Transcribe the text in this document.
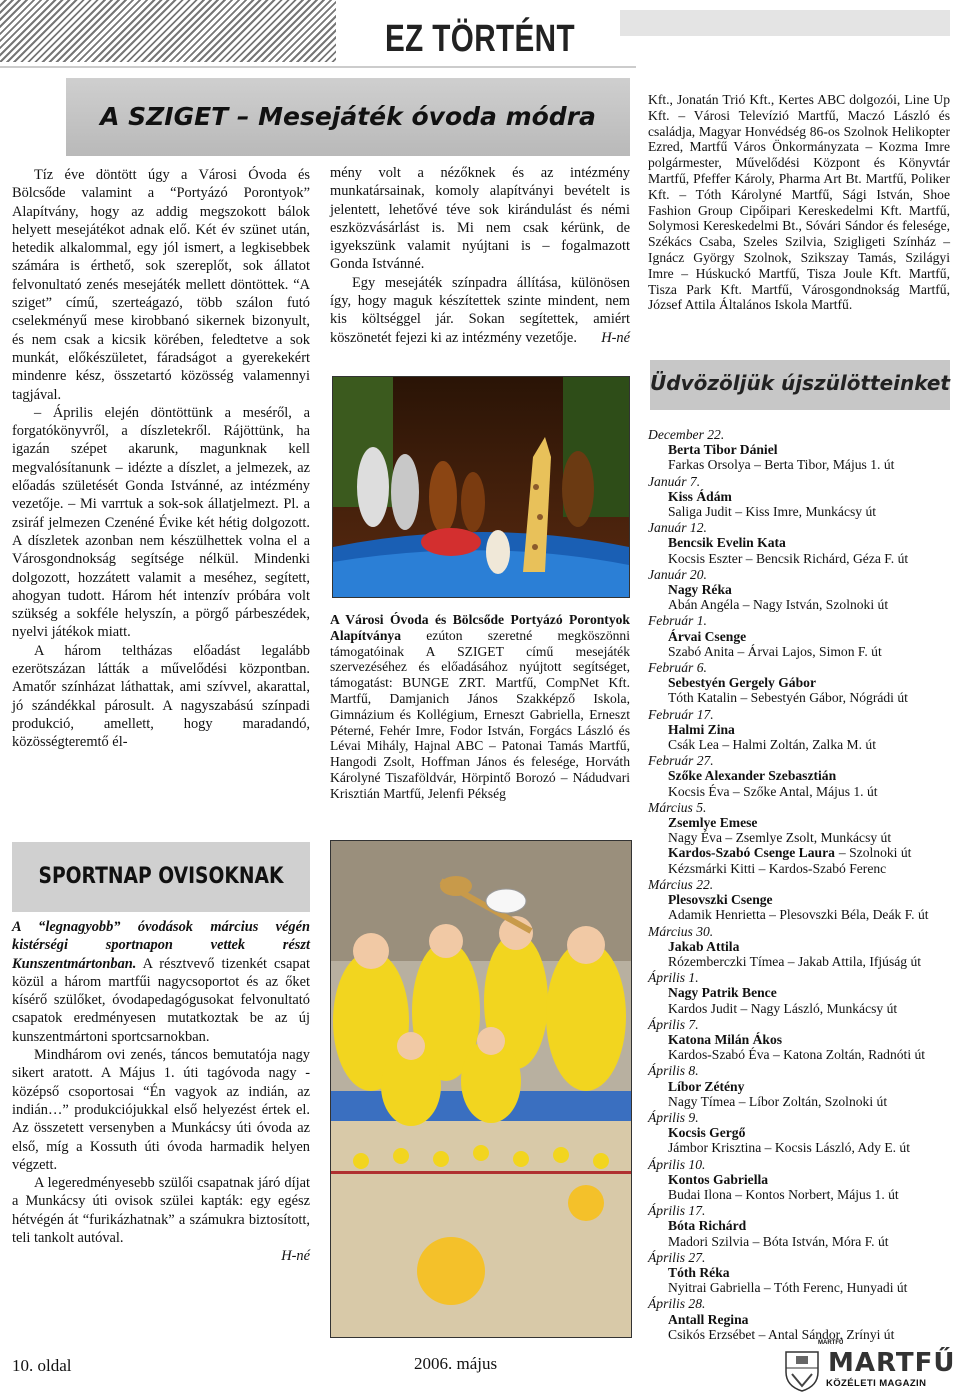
EZ TÖRTÉNT
A SZIGET – Mesejáték óvoda módra

Tíz éve döntött úgy a Városi Óvoda és Bölcsőde valamint a “Portyázó Porontyok” Alapítvány, hogy az addig megszokott bálok helyett mesejátékot adnak elő. Két év szünet után, hetedik alkalommal, egy jól ismert, a legkisebbek számára is érthető, sok szereplőt, sok állatot felvonultató zenés mesejáték mellett döntöttek. “A sziget” című, szerteágazó, több szálon futó cselekményű mese kirobbanó sikernek bizonyult, és nem csak a kicsik körében, feledtetve a sok munkát, előkészületet, fáradságot a gyerekekért mindenre kész, összetartó közösség valamennyi tagjával.

– Április elején döntöttünk a meséről, a forgatókönyvről, a díszletekről. Rájöttünk, ha igazán szépet akarunk, magunknak kell megvalósítanunk – idézte a díszlet, a jelmezek, az előadás születését Gonda Istvánné, az intézmény vezetője. – Mi varrtuk a sok-sok állatjelmezt. Pl. a zsiráf jelmezen Czenéné Évike két hétig dolgozott. A díszletek azonban nem készülhettek volna el a Városgondnokság segítsége nélkül. Mindenki dolgozott, hozzátett valamit a meséhez, segített, ahogyan tudott. Három hét intenzív próbára volt szükség a sokféle helyszín, a pörgő párbeszédek, nyelvi játékok miatt.

A három teltházas előadást legalább ezerötszázan látták a művelődési központban. Amatőr színházat láthattak, ami szívvel, akarattal, jó szándékkal párosult. A nagyszabású színpadi produkció, amellett, hogy maradandó, közösségteremtő él-

mény volt a nézőknek és az intézmény munkatársainak, komoly alapítványi bevételt is jelentett, lehetővé téve sok kirándulást és némi eszközvásárlást is. Mi nem csak kérünk, de igyekszünk valamit nyújtani is – fogalmazott Gonda Istvánné.

Egy mesejáték színpadra állítása, különösen így, hogy maguk készítettek szinte mindent, nem kis költséggel jár. Sokan segítettek, amiért köszönetét fejezi ki az intézmény vezetője.	H-né

A Városi Óvoda és Bölcsőde Portyázó Porontyok Alapítványa ezúton szeretné megköszönni támogatóinak A SZIGET című mesejáték szervezéséhez és előadásához nyújtott segítséget, támogatást: BUNGE ZRT. Martfű, CompNet Kft. Martfű, Damjanich János Szakképző Iskola, Gimnázium és Kollégium, Erneszt Gabriella, Erneszt Péterné, Fehér Imre, Fodor István, Forgács László és Lévai Mihály, Hajnal ABC – Patonai Tamás Martfű, Hangodi Zsolt, Hoffman János és felesége, Horváth Károlyné Tiszaföldvár, Hörpintő Borozó – Nádudvari Krisztián Martfű, Jelenfi Pékség
Kft., Jonatán Trió Kft., Kertes ABC dolgozói, Line Up Kft. – Városi Televízió Martfű, Maczó László és családja, Magyar Honvédség 86-os Szolnok Helikopter Ezred, Martfű Város Önkormányzata – Kozma Imre polgármester, Művelődési Központ és Könyvtár Martfű, Pfeffer Károly, Pharma Art Bt. Martfű, Poliker Kft. – Tóth Károlyné Martfű, Sági István, Shoe Fashion Group Cipőipari Kereskedelmi Kft. Martfű, Solymosi Kereskedelmi Bt., Sóvári Sándor és felesége, Székács Csaba, Szeles Szilvia, Szigligeti Színház – Ignácz György Szolnok, Szikszay Tamás, Szilágyi Imre – Húskuckó Martfű, Tisza Joule Kft. Martfű, Tisza Park Kft. Martfű, Városgondnokság Martfű, József Attila Általános Iskola Martfű.
Üdvözöljük újszülötteinket
December 22.
Berta Tibor Dániel
Farkas Orsolya – Berta Tibor, Május 1. út
Január 7.
Kiss Ádám
Saliga Judit – Kiss Imre, Munkácsy út
Január 12.
Bencsik Evelin Kata
Kocsis Eszter – Bencsik Richárd, Géza F. út
Január 20.
Nagy Réka
Abán Angéla – Nagy István, Szolnoki út
Február 1.
Árvai Csenge
Szabó Anita – Árvai Lajos, Simon F. út
Február 6.
Sebestyén Gergely Gábor
Tóth Katalin – Sebestyén Gábor, Nógrádi út
Február 17.
Halmi Zina
Csák Lea – Halmi Zoltán, Zalka M. út
Február 27.
Szőke Alexander Szebasztián
Kocsis Éva – Szőke Antal, Május 1. út
Március 5.
Zsemlye Emese
Nagy Éva – Zsemlye Zsolt, Munkácsy út
Kardos-Szabó Csenge Laura – Szolnoki út
Kézsmárki Kitti – Kardos-Szabó Ferenc
Március 22.
Plesovszki Csenge
Adamik Henrietta – Plesovszki Béla, Deák F. út
Március 30.
Jakab Attila
Rózemberczki Tímea – Jakab Attila, Ifjúság út
Április 1.
Nagy Patrik Bence
Kardos Judit – Nagy László, Munkácsy út
Április 7.
Katona Milán Ákos
Kardos-Szabó Éva – Katona Zoltán, Radnóti út
Április 8.
Líbor Zétény
Nagy Tímea – Líbor Zoltán, Szolnoki út
Április 9.
Kocsis Gergő
Jámbor Krisztina – Kocsis László, Ady E. út
Április 10.
Kontos Gabriella
Budai Ilona – Kontos Norbert, Május 1. út
Április 17.
Bóta Richárd
Madori Szilvia – Bóta István, Móra F. út
Április 27.
Tóth Réka
Nyitrai Gabriella – Tóth Ferenc, Hunyadi út
Április 28.
Antall Regina
Csikós Erzsébet – Antal Sándor, Zrínyi út
SPORTNAP OVISOKNAK

A “legnagyobb” óvodások március végén kistérségi sportnapon vettek részt Kunszentmártonban. A résztvevő tizenkét csapat közül a három martfűi nagycsoportot és az őket kísérő szülőket, óvodapedagógusokat felvonultató csapatok eredményesen mutatkoztak be az új kunszentmártoni sportcsarnokban.

Mindhárom ovi zenés, táncos bemutatója nagy sikert aratott. A Május 1. úti tagóvoda nagy - középső csoportosai “Én vagyok az indián, az indián…” produkciójukkal első helyezést értek el. Az összetett versenyben a Munkácsy úti óvoda az első, míg a Kossuth úti óvoda harmadik helyen végzett.

A legeredményesebb szülői csapatnak járó díjat a Munkácsy úti ovisok szülei kapták: egy egész hétvégén át “furikázhatnak” a számukra biztosított, teli tankolt autóval.

H-né

10. oldal	2006. május
MARTFŰ
MARTFŰ
KÖZÉLETI MAGAZIN
